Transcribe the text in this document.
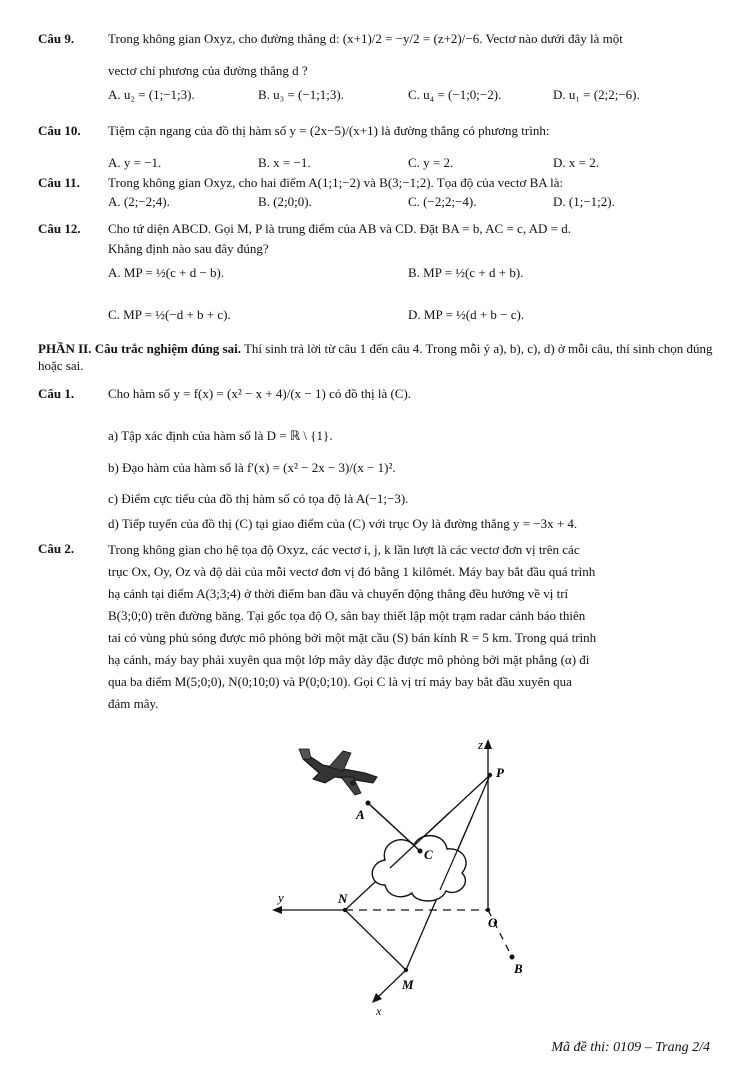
Câu 9.	Trong không gian Oxyz, cho đường thẳng d: (x+1)/2 = −y/2 = (z+2)/−6. Vectơ nào dưới đây là một
vectơ chỉ phương của đường thẳng d ?
A. u₂ = (1;−1;3).	B. u₃ = (−1;1;3).	C. u₄ = (−1;0;−2).	D. u₁ = (2;2;−6).
Câu 10. Tiệm cận ngang của đồ thị hàm số y = (2x−5)/(x+1) là đường thẳng có phương trình:
A. y = −1.	B. x = −1.	C. y = 2.	D. x = 2.
Câu 11. Trong không gian Oxyz, cho hai điểm A(1;1;−2) và B(3;−1;2). Tọa độ của vectơ BA là:
A. (2;−2;4).	B. (2;0;0).	C. (−2;2;−4).	D. (1;−1;2).
Câu 12. Cho tứ diện ABCD. Gọi M, P là trung điểm của AB và CD. Đặt BA = b, AC = c, AD = d.
Khẳng định nào sau đây đúng?
A. MP = ½(c + d − b).	B. MP = ½(c + d + b).
C. MP = ½(−d + b + c).	D. MP = ½(d + b − c).
PHẦN II. Câu trắc nghiệm đúng sai. Thí sinh trả lời từ câu 1 đến câu 4. Trong mỗi ý a), b), c), d) ở mỗi câu, thí sinh chọn đúng hoặc sai.
Câu 1.	Cho hàm số y = f(x) = (x² − x + 4)/(x − 1) có đồ thị là (C).
a) Tập xác định của hàm số là D = ℝ \ {1}.
b) Đạo hàm của hàm số là f′(x) = (x² − 2x − 3)/(x − 1)².
c) Điểm cực tiểu của đồ thị hàm số có tọa độ là A(−1;−3).
d) Tiếp tuyến của đồ thị (C) tại giao điểm của (C) với trục Oy là đường thẳng y = −3x + 4.
Câu 2.	Trong không gian cho hệ tọa độ Oxyz, các vectơ i, j, k lần lượt là các vectơ đơn vị trên các
trục Ox, Oy, Oz và độ dài của mỗi vectơ đơn vị đó bằng 1 kilômét. Máy bay bắt đầu quá trình
hạ cánh tại điểm A(3;3;4) ở thời điểm ban đầu và chuyển động thẳng đều hướng về vị trí
B(3;0;0) trên đường băng. Tại gốc tọa độ O, sân bay thiết lập một trạm radar cảnh báo thiên
tai có vùng phủ sóng được mô phỏng bởi một mặt cầu (S) bán kính R = 5 km. Trong quá trình
hạ cánh, máy bay phải xuyên qua một lớp mây dày đặc được mô phỏng bởi mặt phẳng (α) đi
qua ba điểm M(5;0;0), N(0;10;0) và P(0;0;10). Gọi C là vị trí máy bay bắt đầu xuyên qua
đám mây.
z
y
x
P
A
C
N
O
M
B
Mã đề thi: 0109 – Trang 2/4
